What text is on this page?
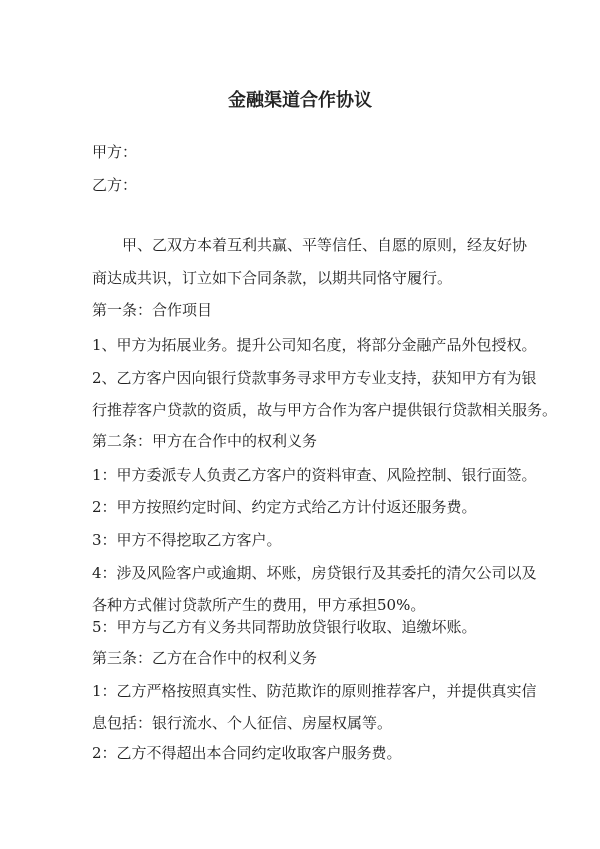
金融渠道合作协议
甲方：
乙方：
甲、乙双方本着互利共赢、平等信任、自愿的原则，经友好协
商达成共识，订立如下合同条款，以期共同恪守履行。
第一条：合作项目
1、甲方为拓展业务。提升公司知名度，将部分金融产品外包授权。
2、乙方客户因向银行贷款事务寻求甲方专业支持，获知甲方有为银
行推荐客户贷款的资质，故与甲方合作为客户提供银行贷款相关服务。
第二条：甲方在合作中的权利义务
1：甲方委派专人负责乙方客户的资料审查、风险控制、银行面签。
2：甲方按照约定时间、约定方式给乙方计付返还服务费。
3：甲方不得挖取乙方客户。
4：涉及风险客户或逾期、坏账，房贷银行及其委托的清欠公司以及
各种方式催讨贷款所产生的费用，甲方承担50%。
5：甲方与乙方有义务共同帮助放贷银行收取、追缴坏账。
第三条：乙方在合作中的权利义务
1：乙方严格按照真实性、防范欺诈的原则推荐客户，并提供真实信
息包括：银行流水、个人征信、房屋权属等。
2：乙方不得超出本合同约定收取客户服务费。
